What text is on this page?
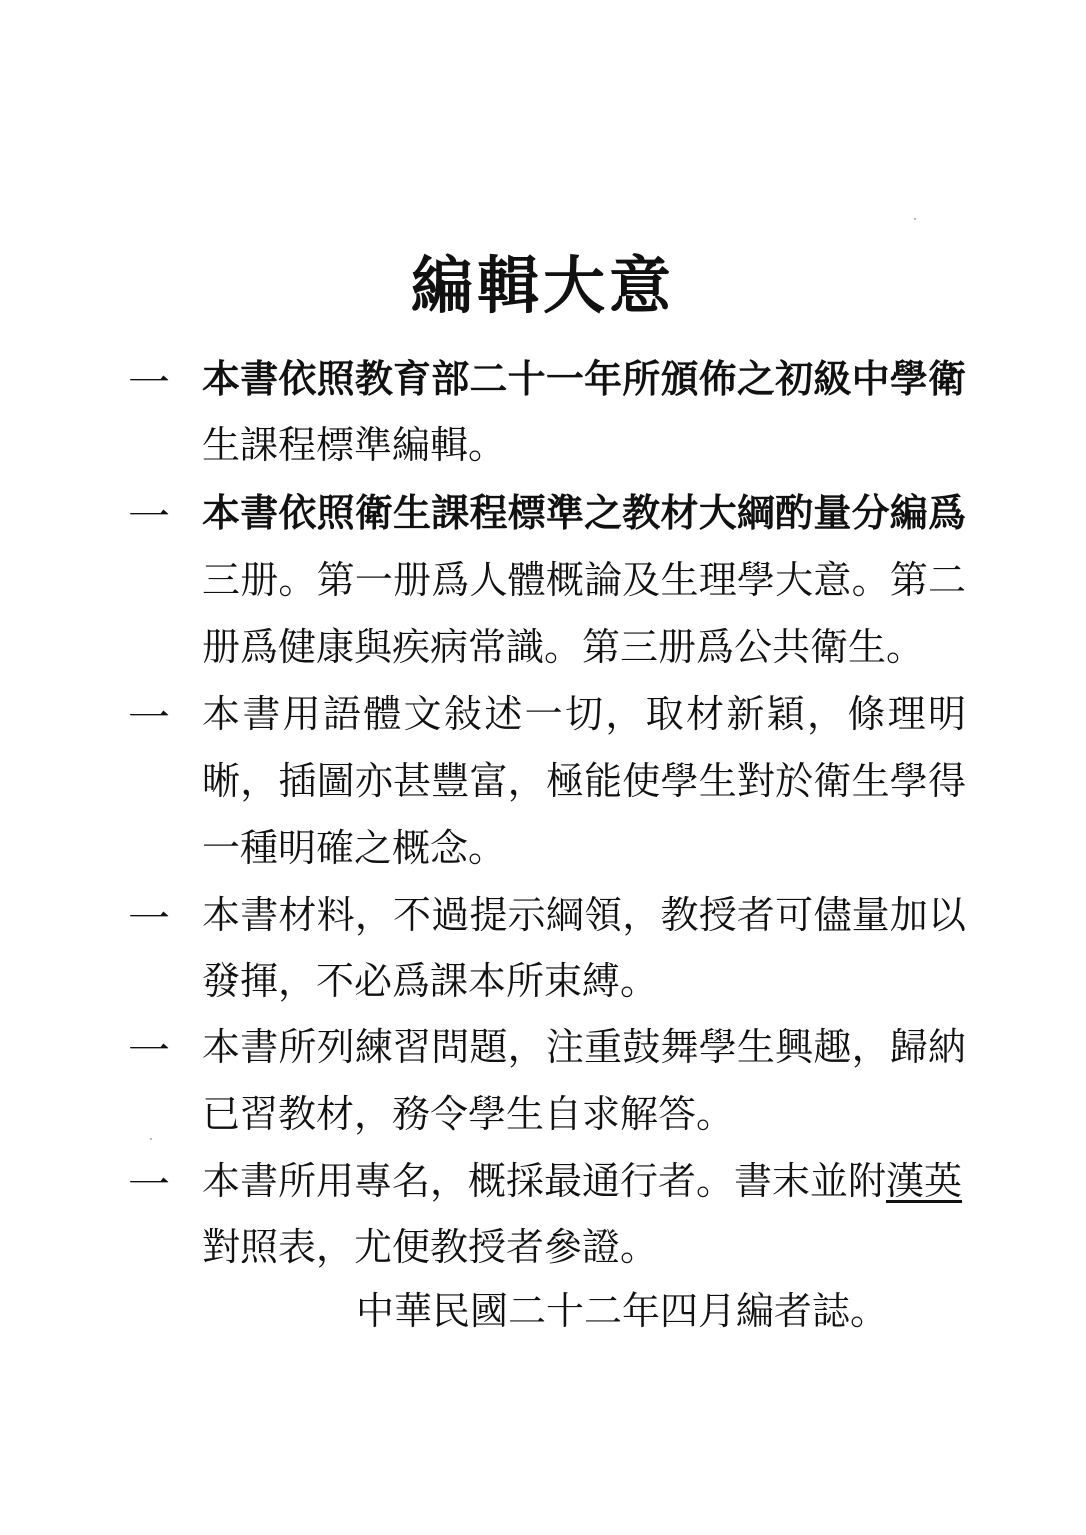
編輯大意
一 本書依照教育部二十一年所頒佈之初級中學衛
生課程標準編輯。
一 本書依照衛生課程標準之教材大綱酌量分編爲
三册。第一册爲人體概論及生理學大意。第二
册爲健康與疾病常識。第三册爲公共衛生。
一 本書用語體文敍述一切，取材新穎，條理明
晰，插圖亦甚豐富，極能使學生對於衛生學得
一種明確之概念。
一 本書材料，不過提示綱領，教授者可儘量加以
發揮，不必爲課本所束縛。
一 本書所列練習問題，注重鼓舞學生興趣，歸納
已習教材，務令學生自求解答。
一 本書所用專名，概採最通行者。書末並附漢英
對照表，尤便教授者參證。
中華民國二十二年四月編者誌。
